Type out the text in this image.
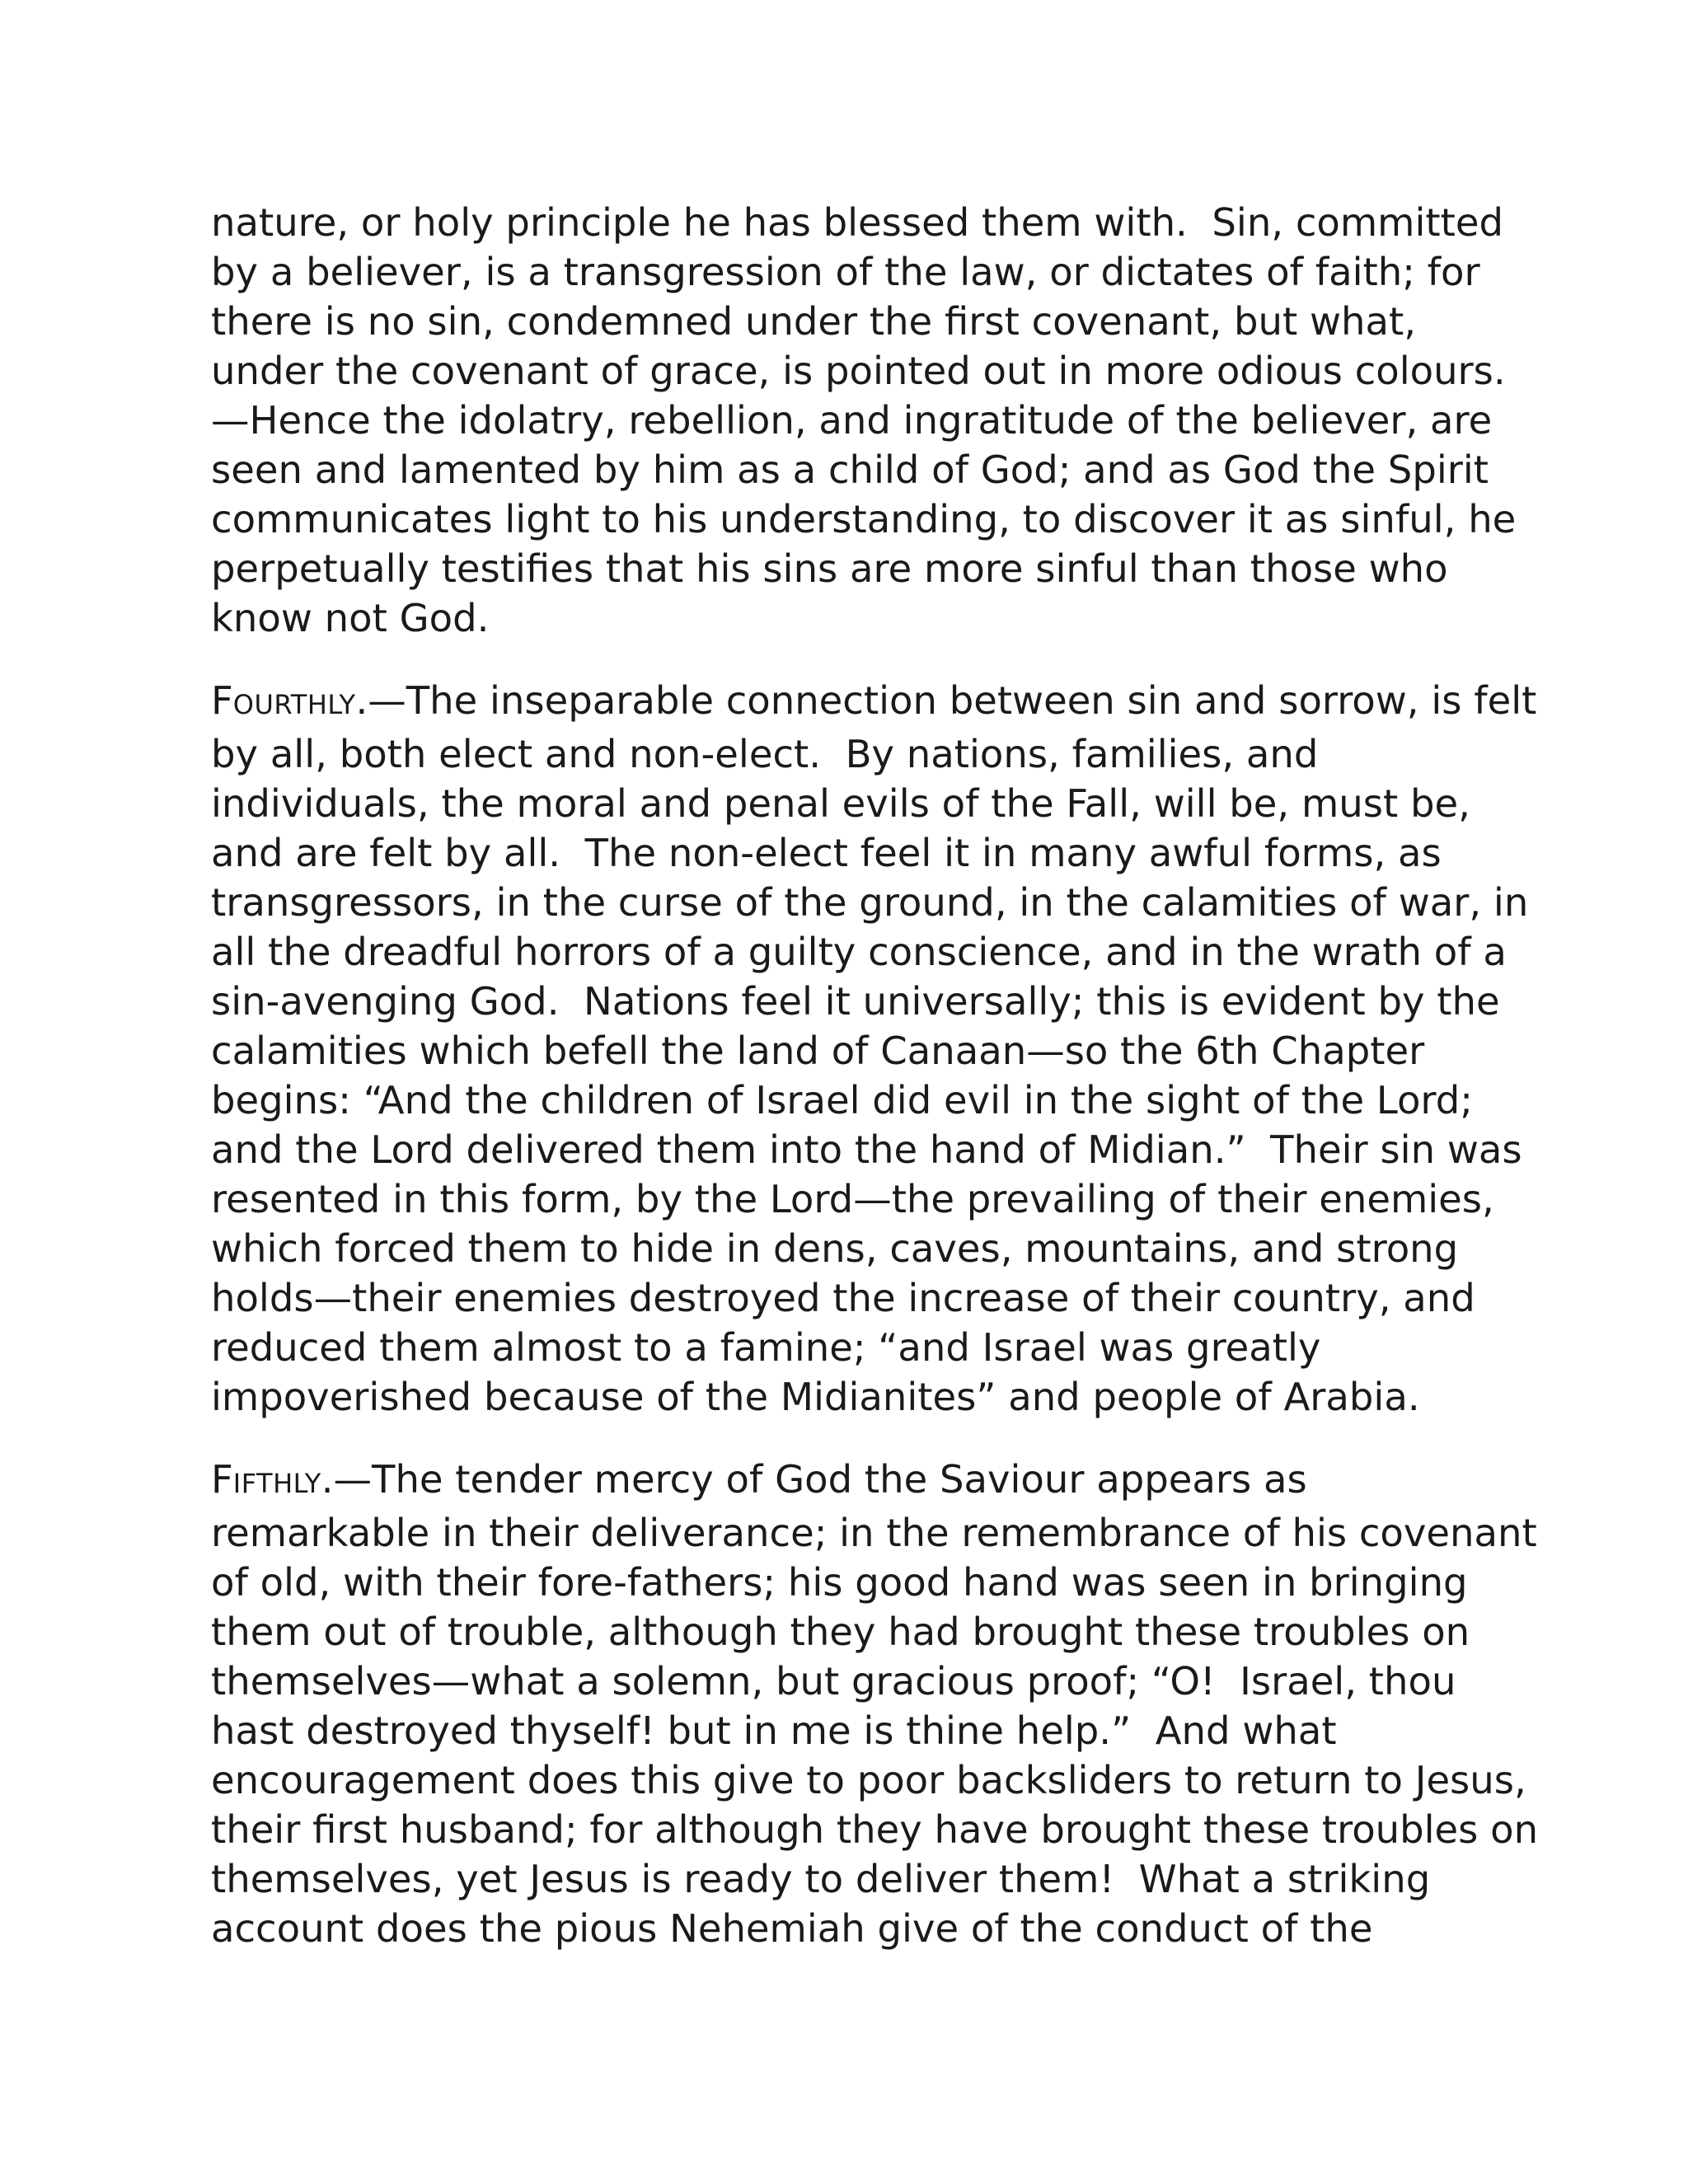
nature, or holy principle he has blessed them with.  Sin, committed
by a believer, is a transgression of the law, or dictates of faith; for
there is no sin, condemned under the first covenant, but what,
under the covenant of grace, is pointed out in more odious colours.
—Hence the idolatry, rebellion, and ingratitude of the believer, are
seen and lamented by him as a child of God; and as God the Spirit
communicates light to his understanding, to discover it as sinful, he
perpetually testifies that his sins are more sinful than those who
know not God.
FOURTHLY.—The inseparable connection between sin and sorrow, is felt
by all, both elect and non-elect.  By nations, families, and
individuals, the moral and penal evils of the Fall, will be, must be,
and are felt by all.  The non-elect feel it in many awful forms, as
transgressors, in the curse of the ground, in the calamities of war, in
all the dreadful horrors of a guilty conscience, and in the wrath of a
sin-avenging God.  Nations feel it universally; this is evident by the
calamities which befell the land of Canaan—so the 6th Chapter
begins: “And the children of Israel did evil in the sight of the Lord;
and the Lord delivered them into the hand of Midian.”  Their sin was
resented in this form, by the Lord—the prevailing of their enemies,
which forced them to hide in dens, caves, mountains, and strong
holds—their enemies destroyed the increase of their country, and
reduced them almost to a famine; “and Israel was greatly
impoverished because of the Midianites” and people of Arabia.
FIFTHLY.—The tender mercy of God the Saviour appears as
remarkable in their deliverance; in the remembrance of his covenant
of old, with their fore-fathers; his good hand was seen in bringing
them out of trouble, although they had brought these troubles on
themselves—what a solemn, but gracious proof; “O!  Israel, thou
hast destroyed thyself! but in me is thine help.”  And what
encouragement does this give to poor backsliders to return to Jesus,
their first husband; for although they have brought these troubles on
themselves, yet Jesus is ready to deliver them!  What a striking
account does the pious Nehemiah give of the conduct of the
